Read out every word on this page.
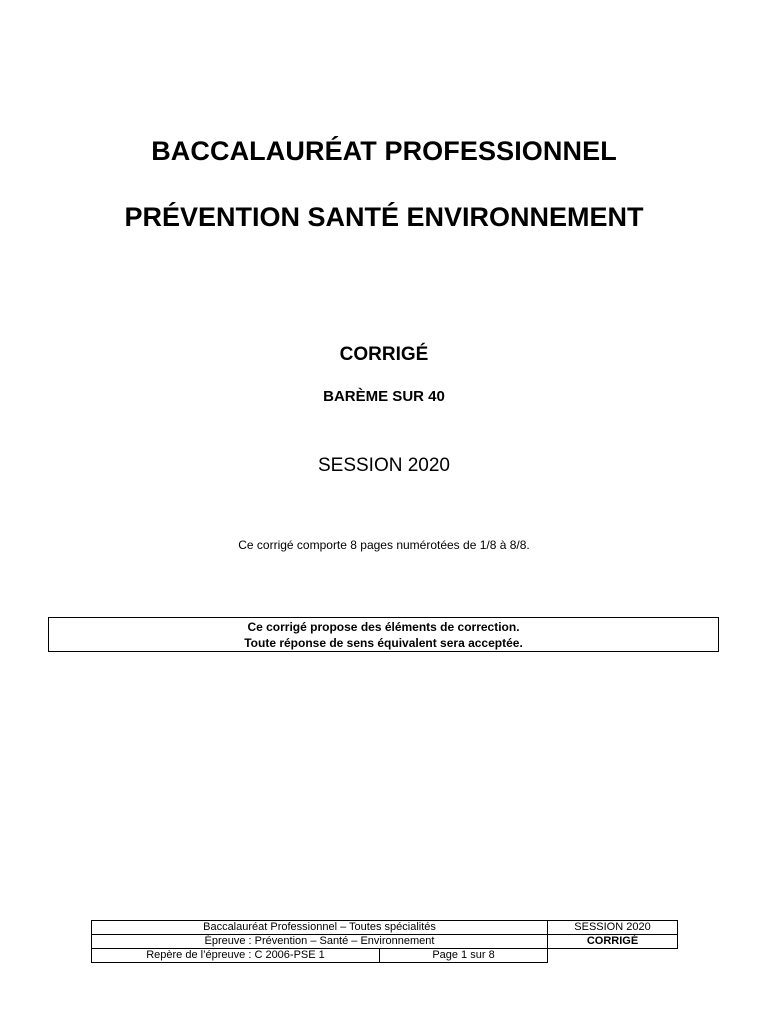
BACCALAURÉAT PROFESSIONNEL
PRÉVENTION SANTÉ ENVIRONNEMENT
CORRIGÉ
BARÈME SUR 40
SESSION 2020
Ce corrigé comporte 8 pages numérotées de 1/8 à 8/8.
Ce corrigé propose des éléments de correction.
Toute réponse de sens équivalent sera acceptée.
Baccalauréat Professionnel – Toutes spécialités		SESSION 2020
Épreuve : Prévention – Santé – Environnement		CORRIGÉ
Repère de l’épreuve : C 2006-PSE 1	Page 1 sur 8	
